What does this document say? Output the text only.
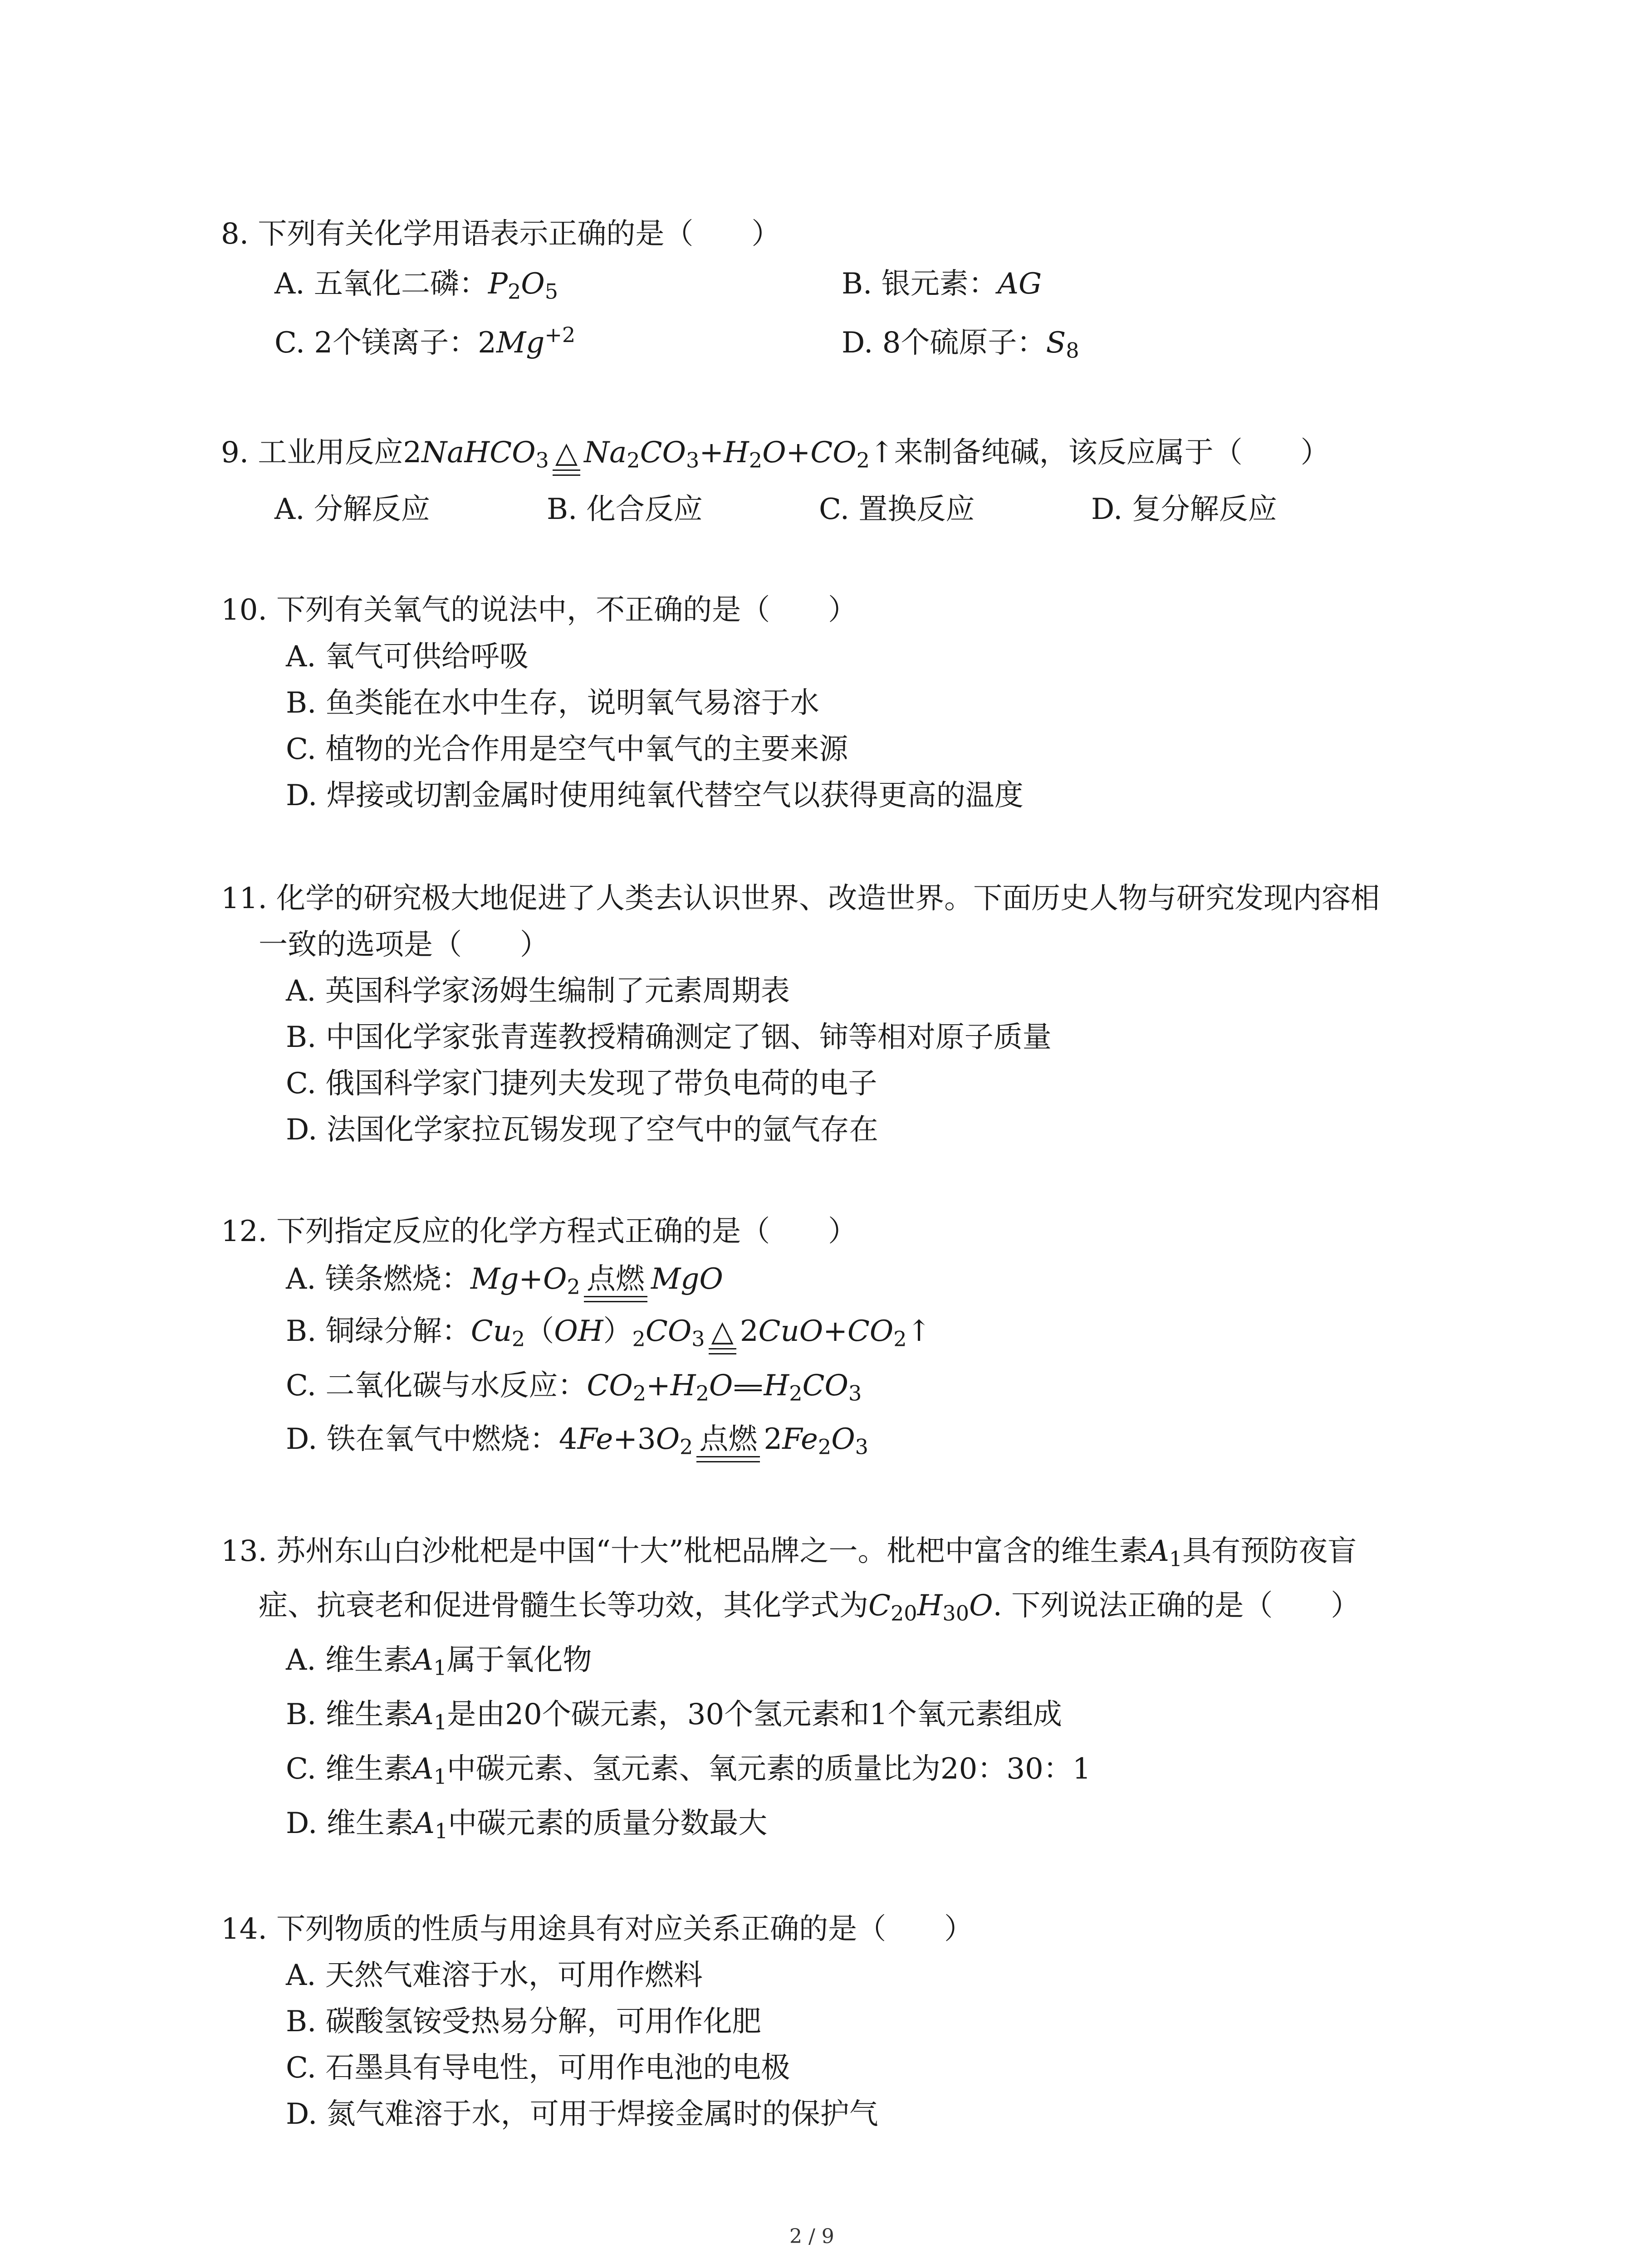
8. 下列有关化学用语表示正确的是（　　）
A. 五氧化二磷：$P_2O_5$	B. 银元素：AG
C. 2个镁离子：$2Mg^{+2}$	D. 8个硫原子：$S_8$
9. 工业用反应2NaHCO$_3$ △ $Na_2CO_3+H_2O+CO_2↑$来制备纯碱，该反应属于（　　）
A. 分解反应	B. 化合反应	C. 置换反应	D. 复分解反应
10. 下列有关氧气的说法中，不正确的是（　　）
A. 氧气可供给呼吸
B. 鱼类能在水中生存，说明氧气易溶于水
C. 植物的光合作用是空气中氧气的主要来源
D. 焊接或切割金属时使用纯氧代替空气以获得更高的温度
11. 化学的研究极大地促进了人类去认识世界、改造世界。下面历史人物与研究发现内容相
一致的选项是（　　）
A. 英国科学家汤姆生编制了元素周期表
B. 中国化学家张青莲教授精确测定了铟、铈等相对原子质量
C. 俄国科学家门捷列夫发现了带负电荷的电子
D. 法国化学家拉瓦锡发现了空气中的氩气存在
12. 下列指定反应的化学方程式正确的是（　　）
A. 镁条燃烧：$Mg+O_2$ 点燃 MgO
B. 铜绿分解：$Cu_2(OH)_2CO_3$ △ $2CuO+CO_2↑$
C. 二氧化碳与水反应：$CO_2+H_2O$ $H_2CO_3$
D. 铁在氧气中燃烧：$4Fe+3O_2$ 点燃 $2Fe_2O_3$
13. 苏州东山白沙枇杷是中国“十大”枇杷品牌之一。枇杷中富含的维生素$A_1$具有预防夜盲
症、抗衰老和促进骨髓生长等功效，其化学式为$C_{20}H_{30}O$. 下列说法正确的是（　　）
A. 维生素$A_1$属于氧化物
B. 维生素$A_1$是由20个碳元素，30个氢元素和1个氧元素组成
C. 维生素$A_1$中碳元素、氢元素、氧元素的质量比为20：30：1
D. 维生素$A_1$中碳元素的质量分数最大
14. 下列物质的性质与用途具有对应关系正确的是（　　）
A. 天然气难溶于水，可用作燃料
B. 碳酸氢铵受热易分解，可用作化肥
C. 石墨具有导电性，可用作电池的电极
D. 氮气难溶于水，可用于焊接金属时的保护气
2 / 9
